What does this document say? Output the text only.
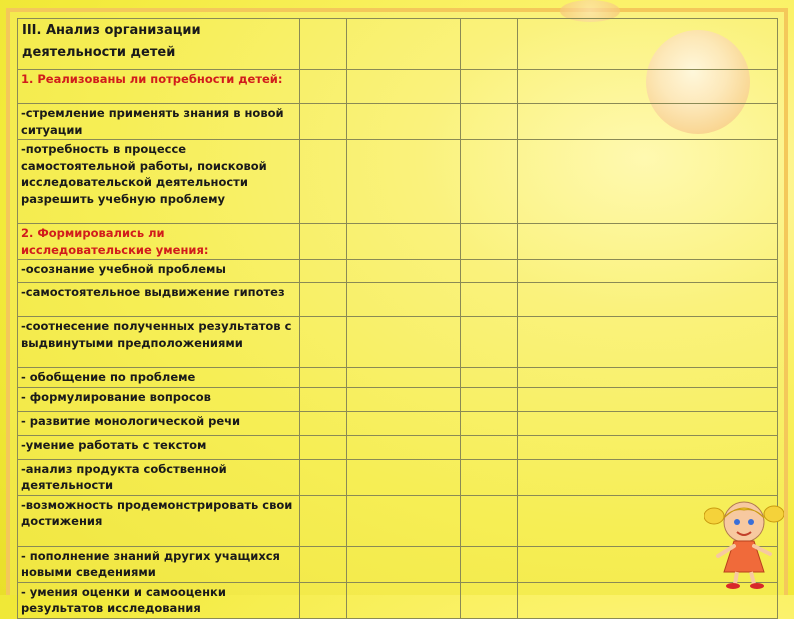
III. Анализ организации деятельности детей				
1. Реализованы ли потребности детей:				
-стремление применять знания в новой ситуации				
-потребность в процессе самостоятельной работы, поисковой исследовательской деятельности разрешить учебную проблему				
2. Формировались ли исследовательские умения:				
-осознание учебной проблемы				
-самостоятельное выдвижение гипотез				
-соотнесение полученных результатов с выдвинутыми предположениями				
- обобщение по проблеме				
- формулирование вопросов				
- развитие монологической речи				
-умение работать с текстом				
-анализ продукта собственной деятельности				
-возможность продемонстрировать свои достижения				
- пополнение знаний других учащихся новыми сведениями				
- умения оценки и самооценки результатов исследования				
